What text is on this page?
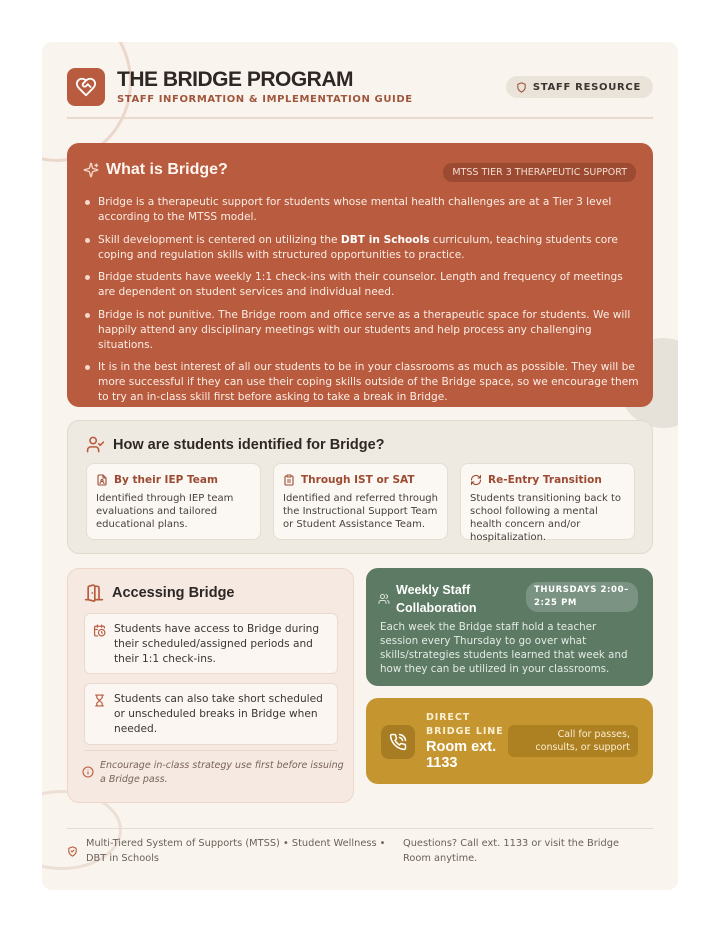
THE BRIDGE PROGRAM
STAFF INFORMATION & IMPLEMENTATION GUIDE
STAFF RESOURCE
What is Bridge?	MTSS TIER 3 THERAPEUTIC SUPPORT
Bridge is a therapeutic support for students whose mental health challenges are at a Tier 3 level according to the MTSS model.
Skill development is centered on utilizing the DBT in Schools curriculum, teaching students core coping and regulation skills with structured opportunities to practice.
Bridge students have weekly 1:1 check-ins with their counselor. Length and frequency of meetings are dependent on student services and individual need.
Bridge is not punitive. The Bridge room and office serve as a therapeutic space for students. We will happily attend any disciplinary meetings with our students and help process any challenging situations.
It is in the best interest of all our students to be in your classrooms as much as possible. They will be more successful if they can use their coping skills outside of the Bridge space, so we encourage them to try an in-class skill first before asking to take a break in Bridge.
How are students identified for Bridge?
By their IEP Team
Identified through IEP team evaluations and tailored educational plans.
Through IST or SAT
Identified and referred through the Instructional Support Team or Student Assistance Team.
Re-Entry Transition
Students transitioning back to school following a mental health concern and/or hospitalization.
Accessing Bridge
Students have access to Bridge during their scheduled/assigned periods and their 1:1 check-ins.
Students can also take short scheduled or unscheduled breaks in Bridge when needed.
Encourage in-class strategy use first before issuing a Bridge pass.
Weekly Staff Collaboration
THURSDAYS 2:00–2:25 PM
Each week the Bridge staff hold a teacher session every Thursday to go over what skills/strategies students learned that week and how they can be utilized in your classrooms.
DIRECT BRIDGE LINE
Room ext. 1133
Call for passes, consults, or support
Multi-Tiered System of Supports (MTSS) • Student Wellness • DBT in Schools
Questions? Call ext. 1133 or visit the Bridge Room anytime.
